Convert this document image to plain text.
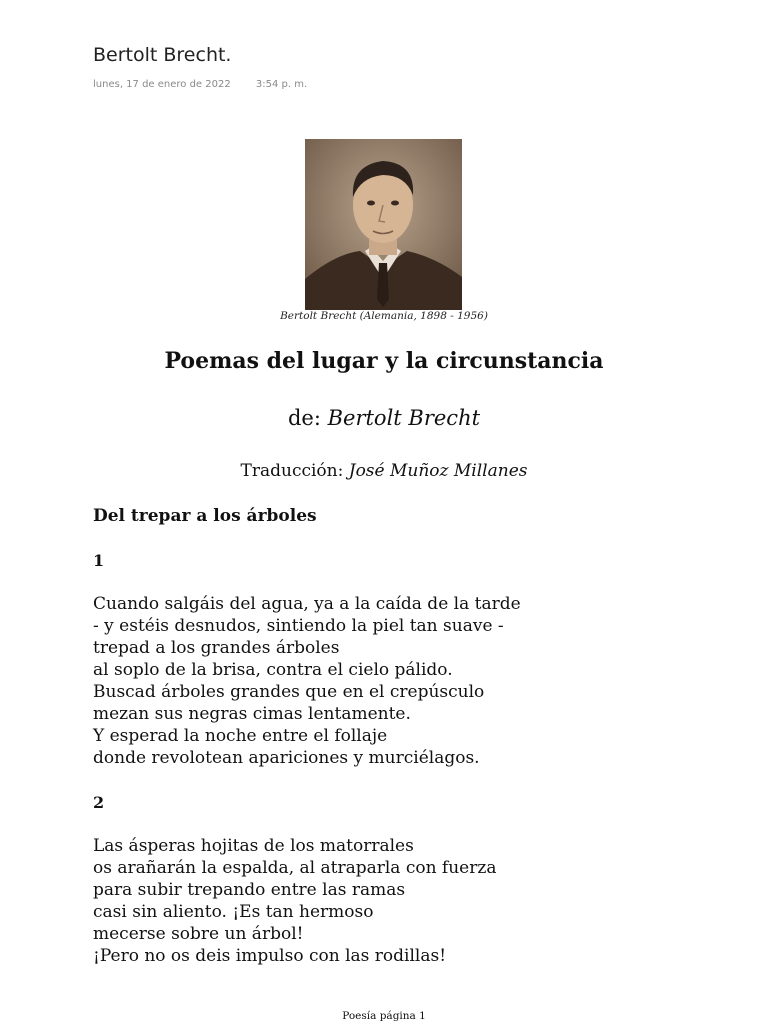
Bertolt Brecht.
lunes, 17 de enero de 2022	3:54 p. m.
Bertolt Brecht (Alemania, 1898 - 1956)
Poemas del lugar y la circunstancia
de: Bertolt Brecht
Traducción: José Muñoz Millanes
Del trepar a los árboles
1
Cuando salgáis del agua, ya a la caída de la tarde
- y estéis desnudos, sintiendo la piel tan suave -
trepad a los grandes árboles
al soplo de la brisa, contra el cielo pálido.
Buscad árboles grandes que en el crepúsculo
mezan sus negras cimas lentamente.
Y esperad la noche entre el follaje
donde revolotean apariciones y murciélagos.
2
Las ásperas hojitas de los matorrales
os arañarán la espalda, al atraparla con fuerza
para subir trepando entre las ramas
casi sin aliento. ¡Es tan hermoso
mecerse sobre un árbol!
¡Pero no os deis impulso con las rodillas!
Poesía página 1
